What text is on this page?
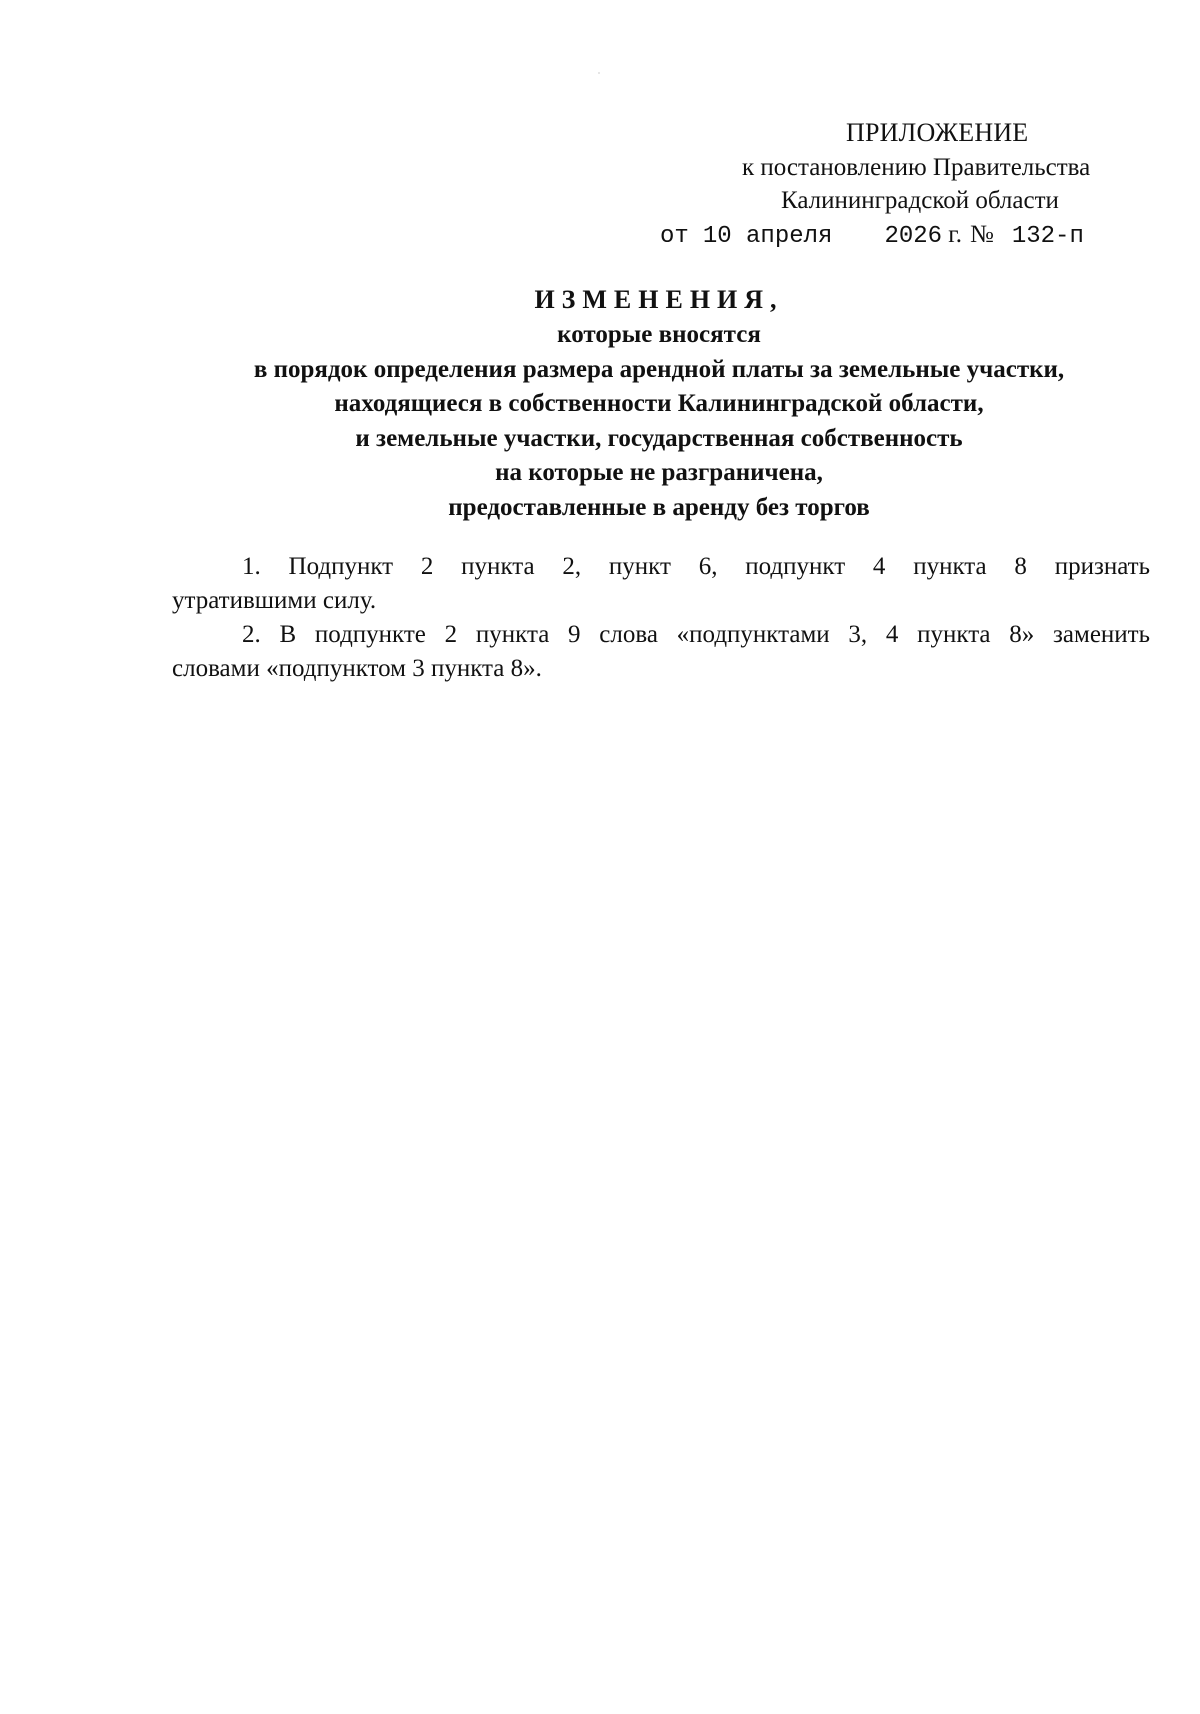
ПРИЛОЖЕНИЕ
к постановлению Правительства
Калининградской области
от 10 апреля 2026 г. № 132-п
ИЗМЕНЕНИЯ,
которые вносятся
в порядок определения размера арендной платы за земельные участки,
находящиеся в собственности Калининградской области,
и земельные участки, государственная собственность
на которые не разграничена,
предоставленные в аренду без торгов

1. Подпункт 2 пункта 2, пункт 6, подпункт 4 пункта 8 признать
утратившими силу.

2. В подпункте 2 пункта 9 слова «подпунктами 3, 4 пункта 8» заменить
словами «подпунктом 3 пункта 8».
